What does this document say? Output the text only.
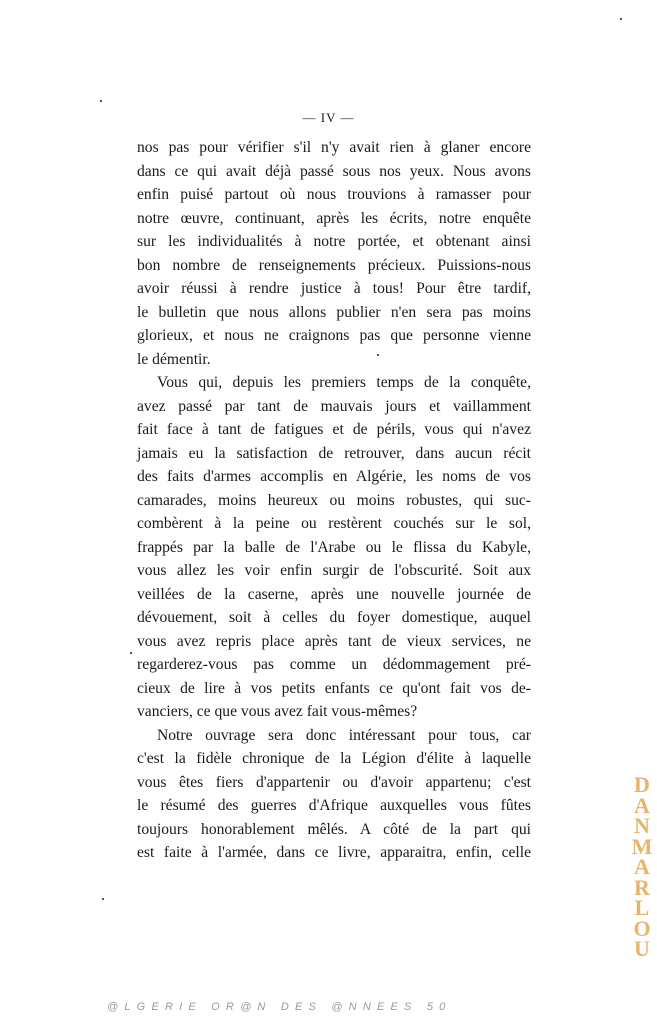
— IV —
nos pas pour vérifier s'il n'y avait rien à glaner encore
dans ce qui avait déjà passé sous nos yeux. Nous avons
enfin puisé partout où nous trouvions à ramasser pour
notre œuvre, continuant, après les écrits, notre enquête
sur les individualités à notre portée, et obtenant ainsi
bon nombre de renseignements précieux. Puissions-nous
avoir réussi à rendre justice à tous! Pour être tardif,
le bulletin que nous allons publier n'en sera pas moins
glorieux, et nous ne craignons pas que personne vienne
le démentir.
Vous qui, depuis les premiers temps de la conquête,
avez passé par tant de mauvais jours et vaillamment
fait face à tant de fatigues et de périls, vous qui n'avez
jamais eu la satisfaction de retrouver, dans aucun récit
des faits d'armes accomplis en Algérie, les noms de vos
camarades, moins heureux ou moins robustes, qui suc-
combèrent à la peine ou restèrent couchés sur le sol,
frappés par la balle de l'Arabe ou le flissa du Kabyle,
vous allez les voir enfin surgir de l'obscurité. Soit aux
veillées de la caserne, après une nouvelle journée de
dévouement, soit à celles du foyer domestique, auquel
vous avez repris place après tant de vieux services, ne
regarderez-vous pas comme un dédommagement pré-
cieux de lire à vos petits enfants ce qu'ont fait vos de-
vanciers, ce que vous avez fait vous-mêmes?
Notre ouvrage sera donc intéressant pour tous, car
c'est la fidèle chronique de la Légion d'élite à laquelle
vous êtes fiers d'appartenir ou d'avoir appartenu; c'est
le résumé des guerres d'Afrique auxquelles vous fûtes
toujours honorablement mêlés. A côté de la part qui
est faite à l'armée, dans ce livre, apparaitra, enfin, celle
D
A
N
M
A
R
L
O
U
@LGERIE OR@N DES @NNEES 50
